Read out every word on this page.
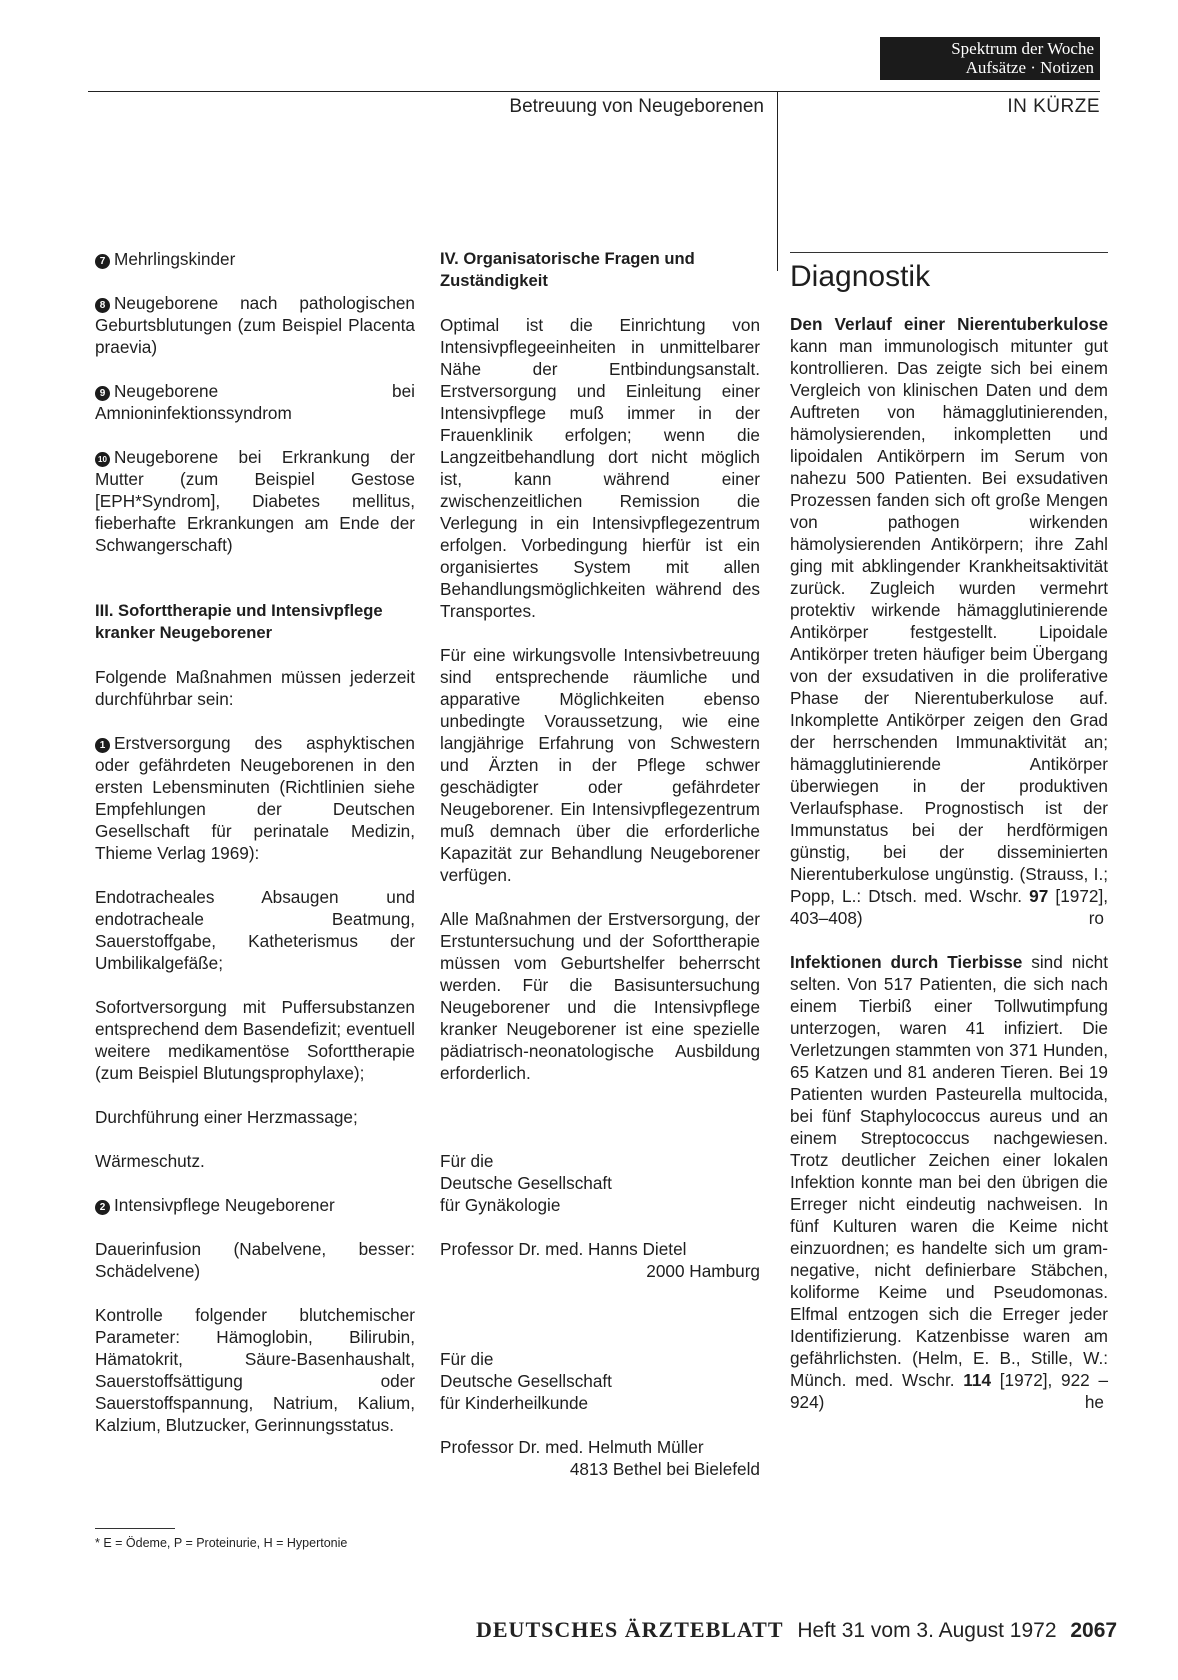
Spektrum der Woche
Aufsätze · Notizen
Betreuung von Neugeborenen	IN KÜRZE

7 Mehrlingskinder

8 Neugeborene nach pathologischen Geburtsblutungen (zum Beispiel Placenta praevia)

9 Neugeborene bei Amnioninfektionssyndrom

10 Neugeborene bei Erkrankung der Mutter (zum Beispiel Gestose [EPH*Syndrom], Diabetes mellitus, fieberhafte Erkrankungen am Ende der Schwangerschaft)

III. Soforttherapie und Intensivpflege kranker Neugeborener

Folgende Maßnahmen müssen jederzeit durchführbar sein:

1 Erstversorgung des asphyktischen oder gefährdeten Neugeborenen in den ersten Lebensminuten (Richtlinien siehe Empfehlungen der Deutschen Gesellschaft für perinatale Medizin, Thieme Verlag 1969):

Endotracheales Absaugen und endotracheale Beatmung, Sauerstoffgabe, Katheterismus der Umbilikalgefäße;

Sofortversorgung mit Puffersubstanzen entsprechend dem Basendefizit; eventuell weitere medikamentöse Soforttherapie (zum Beispiel Blutungsprophylaxe);

Durchführung einer Herzmassage;

Wärmeschutz.

2 Intensivpflege Neugeborener

Dauerinfusion (Nabelvene, besser: Schädelvene)

Kontrolle folgender blutchemischer Parameter: Hämoglobin, Bilirubin, Hämatokrit, Säure-Basenhaushalt, Sauerstoffsättigung oder Sauerstoffspannung, Natrium, Kalium, Kalzium, Blutzucker, Gerinnungsstatus.

* E = Ödeme, P = Proteinurie, H = Hypertonie
IV. Organisatorische Fragen und Zuständigkeit

Optimal ist die Einrichtung von Intensivpflegeeinheiten in unmittelbarer Nähe der Entbindungsanstalt. Erstversorgung und Einleitung einer Intensivpflege muß immer in der Frauenklinik erfolgen; wenn die Langzeitbehandlung dort nicht möglich ist, kann während einer zwischenzeitlichen Remission die Verlegung in ein Intensivpflegezentrum erfolgen. Vorbedingung hierfür ist ein organisiertes System mit allen Behandlungsmöglichkeiten während des Transportes.

Für eine wirkungsvolle Intensivbetreuung sind entsprechende räumliche und apparative Möglichkeiten ebenso unbedingte Voraussetzung, wie eine langjährige Erfahrung von Schwestern und Ärzten in der Pflege schwer geschädigter oder gefährdeter Neugeborener. Ein Intensivpflegezentrum muß demnach über die erforderliche Kapazität zur Behandlung Neugeborener verfügen.

Alle Maßnahmen der Erstversorgung, der Erstuntersuchung und der Soforttherapie müssen vom Geburtshelfer beherrscht werden. Für die Basisuntersuchung Neugeborener und die Intensivpflege kranker Neugeborener ist eine spezielle pädiatrisch-neonatologische Ausbildung erforderlich.

Für die
Deutsche Gesellschaft
für Gynäkologie
Professor Dr. med. Hanns Dietel
2000 Hamburg
Für die
Deutsche Gesellschaft
für Kinderheilkunde
Professor Dr. med. Helmuth Müller
4813 Bethel bei Bielefeld
Diagnostik

Den Verlauf einer Nierentuberkulose kann man immunologisch mitunter gut kontrollieren. Das zeigte sich bei einem Vergleich von klinischen Daten und dem Auftreten von hämagglutinierenden, hämolysierenden, inkompletten und lipoidalen Antikörpern im Serum von nahezu 500 Patienten. Bei exsudativen Prozessen fanden sich oft große Mengen von pathogen wirkenden hämolysierenden Antikörpern; ihre Zahl ging mit abklingender Krankheitsaktivität zurück. Zugleich wurden vermehrt protektiv wirkende hämagglutinierende Antikörper festgestellt. Lipoidale Antikörper treten häufiger beim Übergang von der exsudativen in die proliferative Phase der Nierentuberkulose auf. Inkomplette Antikörper zeigen den Grad der herrschenden Immunaktivität an; hämagglutinierende Antikörper überwiegen in der produktiven Verlaufsphase. Prognostisch ist der Immunstatus bei der herdförmigen günstig, bei der disseminierten Nierentuberkulose ungünstig. (Strauss, I.; Popp, L.: Dtsch. med. Wschr. 97 [1972], 403–408)	ro

Infektionen durch Tierbisse sind nicht selten. Von 517 Patienten, die sich nach einem Tierbiß einer Tollwutimpfung unterzogen, waren 41 infiziert. Die Verletzungen stammten von 371 Hunden, 65 Katzen und 81 anderen Tieren. Bei 19 Patienten wurden Pasteurella multocida, bei fünf Staphylococcus aureus und an einem Streptococcus nachgewiesen. Trotz deutlicher Zeichen einer lokalen Infektion konnte man bei den übrigen die Erreger nicht eindeutig nachweisen. In fünf Kulturen waren die Keime nicht einzuordnen; es handelte sich um gram-negative, nicht definierbare Stäbchen, koliforme Keime und Pseudomonas. Elfmal entzogen sich die Erreger jeder Identifizierung. Katzenbisse waren am gefährlichsten. (Helm, E. B., Stille, W.: Münch. med. Wschr. 114 [1972], 922 – 924)	he

DEUTSCHES ÄRZTEBLATT Heft 31 vom 3. August 1972 2067
